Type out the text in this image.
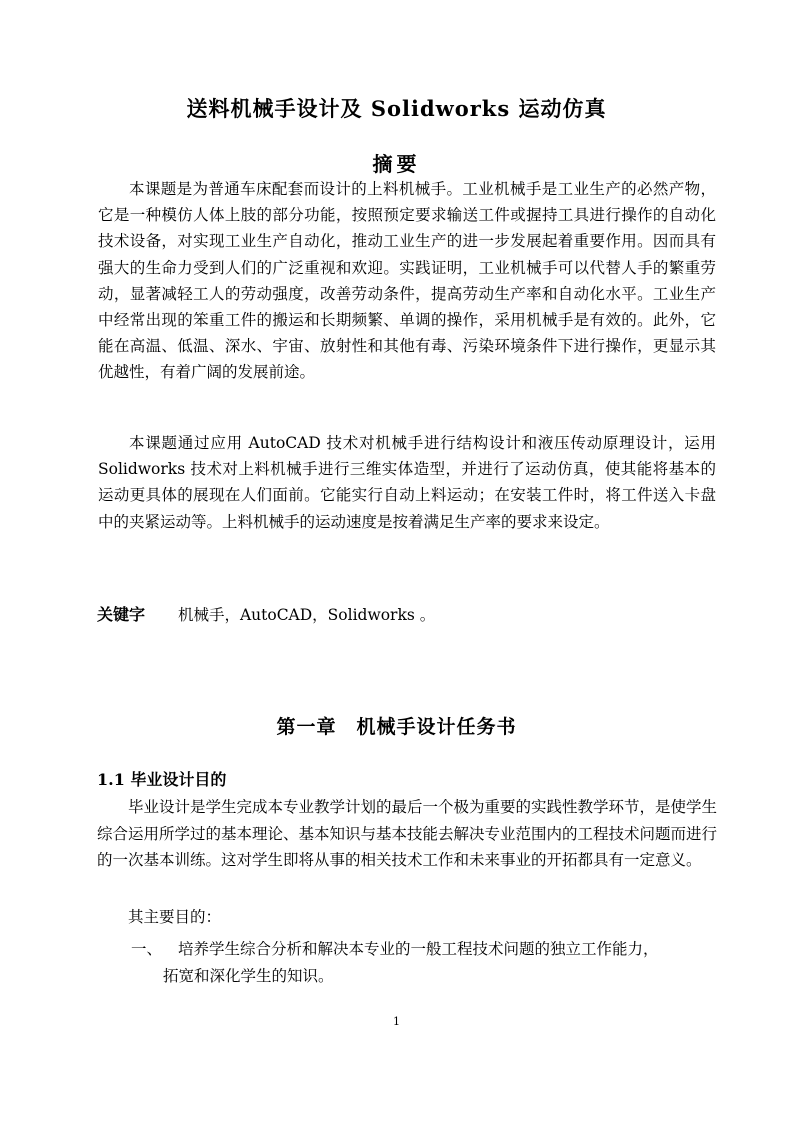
送料机械手设计及 Solidworks 运动仿真
摘要

本课题是为普通车床配套而设计的上料机械手。工业机械手是工业生产的必然产物，它是一种模仿人体上肢的部分功能，按照预定要求输送工件或握持工具进行操作的自动化技术设备，对实现工业生产自动化，推动工业生产的进一步发展起着重要作用。因而具有强大的生命力受到人们的广泛重视和欢迎。实践证明，工业机械手可以代替人手的繁重劳动，显著减轻工人的劳动强度，改善劳动条件，提高劳动生产率和自动化水平。工业生产中经常出现的笨重工件的搬运和长期频繁、单调的操作，采用机械手是有效的。此外，它能在高温、低温、深水、宇宙、放射性和其他有毒、污染环境条件下进行操作，更显示其优越性，有着广阔的发展前途。

本课题通过应用 AutoCAD 技术对机械手进行结构设计和液压传动原理设计，运用 Solidworks 技术对上料机械手进行三维实体造型，并进行了运动仿真，使其能将基本的运动更具体的展现在人们面前。它能实行自动上料运动；在安装工件时，将工件送入卡盘中的夹紧运动等。上料机械手的运动速度是按着满足生产率的要求来设定。

关键字 机械手，AutoCAD，Solidworks 。
第一章　机械手设计任务书
1.1 毕业设计目的

毕业设计是学生完成本专业教学计划的最后一个极为重要的实践性教学环节，是使学生综合运用所学过的基本理论、基本知识与基本技能去解决专业范围内的工程技术问题而进行的一次基本训练。这对学生即将从事的相关技术工作和未来事业的开拓都具有一定意义。

其主要目的：

一、 培养学生综合分析和解决本专业的一般工程技术问题的独立工作能力，
拓宽和深化学生的知识。

1
